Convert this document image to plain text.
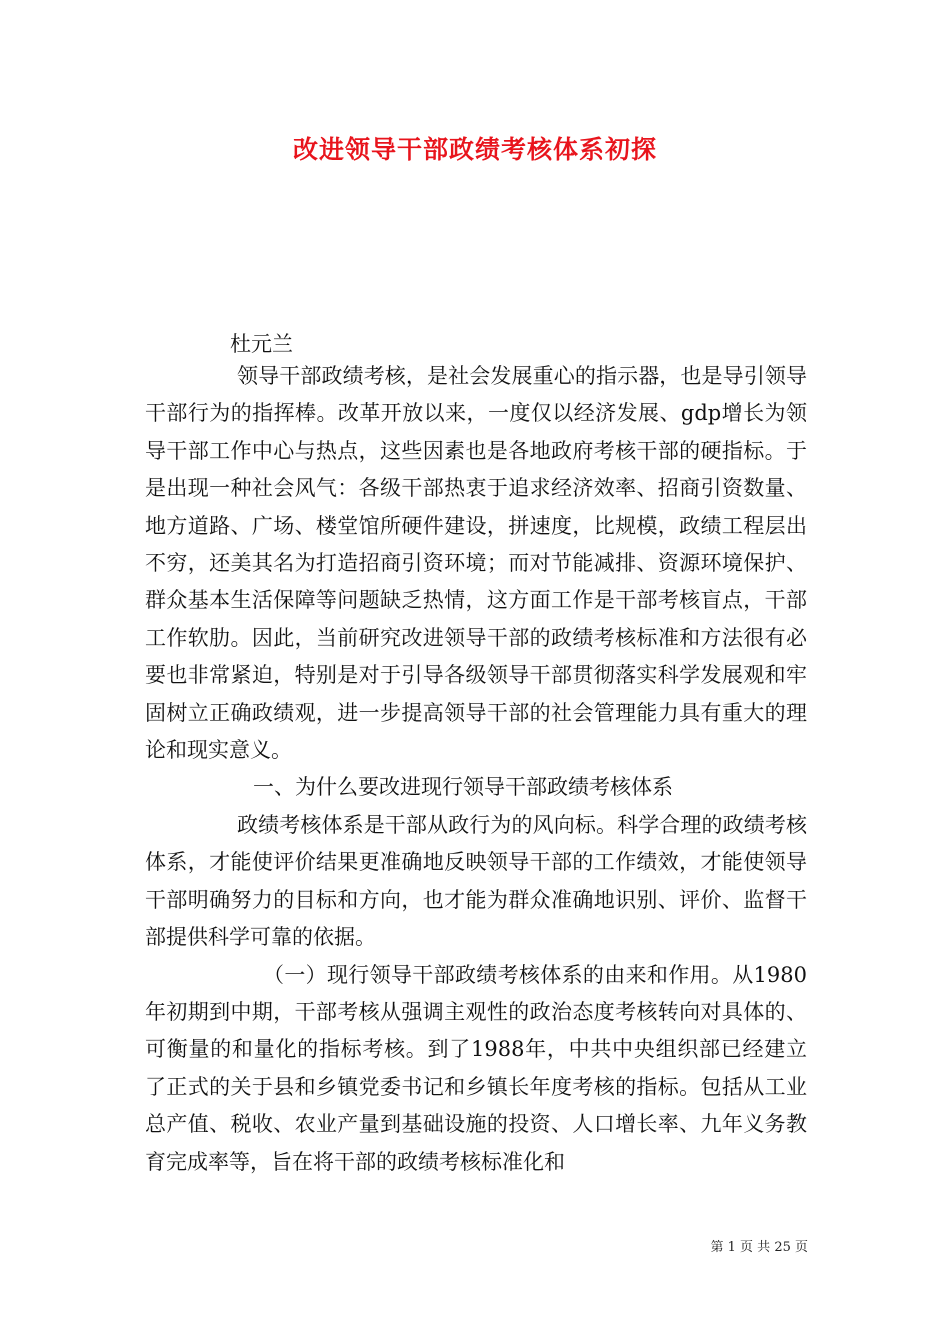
改进领导干部政绩考核体系初探
杜元兰

领导干部政绩考核，是社会发展重心的指示器，也是导引领导干部行为的指挥棒。改革开放以来，一度仅以经济发展、gdp增长为领导干部工作中心与热点，这些因素也是各地政府考核干部的硬指标。于是出现一种社会风气：各级干部热衷于追求经济效率、招商引资数量、地方道路、广场、楼堂馆所硬件建设，拼速度，比规模，政绩工程层出不穷，还美其名为打造招商引资环境；而对节能减排、资源环境保护、群众基本生活保障等问题缺乏热情，这方面工作是干部考核盲点，干部工作软肋。因此，当前研究改进领导干部的政绩考核标准和方法很有必要也非常紧迫，特别是对于引导各级领导干部贯彻落实科学发展观和牢固树立正确政绩观，进一步提高领导干部的社会管理能力具有重大的理论和现实意义。

一、为什么要改进现行领导干部政绩考核体系

政绩考核体系是干部从政行为的风向标。科学合理的政绩考核体系，才能使评价结果更准确地反映领导干部的工作绩效，才能使领导干部明确努力的目标和方向，也才能为群众准确地识别、评价、监督干部提供科学可靠的依据。

（一）现行领导干部政绩考核体系的由来和作用。从1980年初期到中期，干部考核从强调主观性的政治态度考核转向对具体的、可衡量的和量化的指标考核。到了1988年，中共中央组织部已经建立了正式的关于县和乡镇党委书记和乡镇长年度考核的指标。包括从工业总产值、税收、农业产量到基础设施的投资、人口增长率、九年义务教育完成率等，旨在将干部的政绩考核标准化和

第 1 页 共 25 页
